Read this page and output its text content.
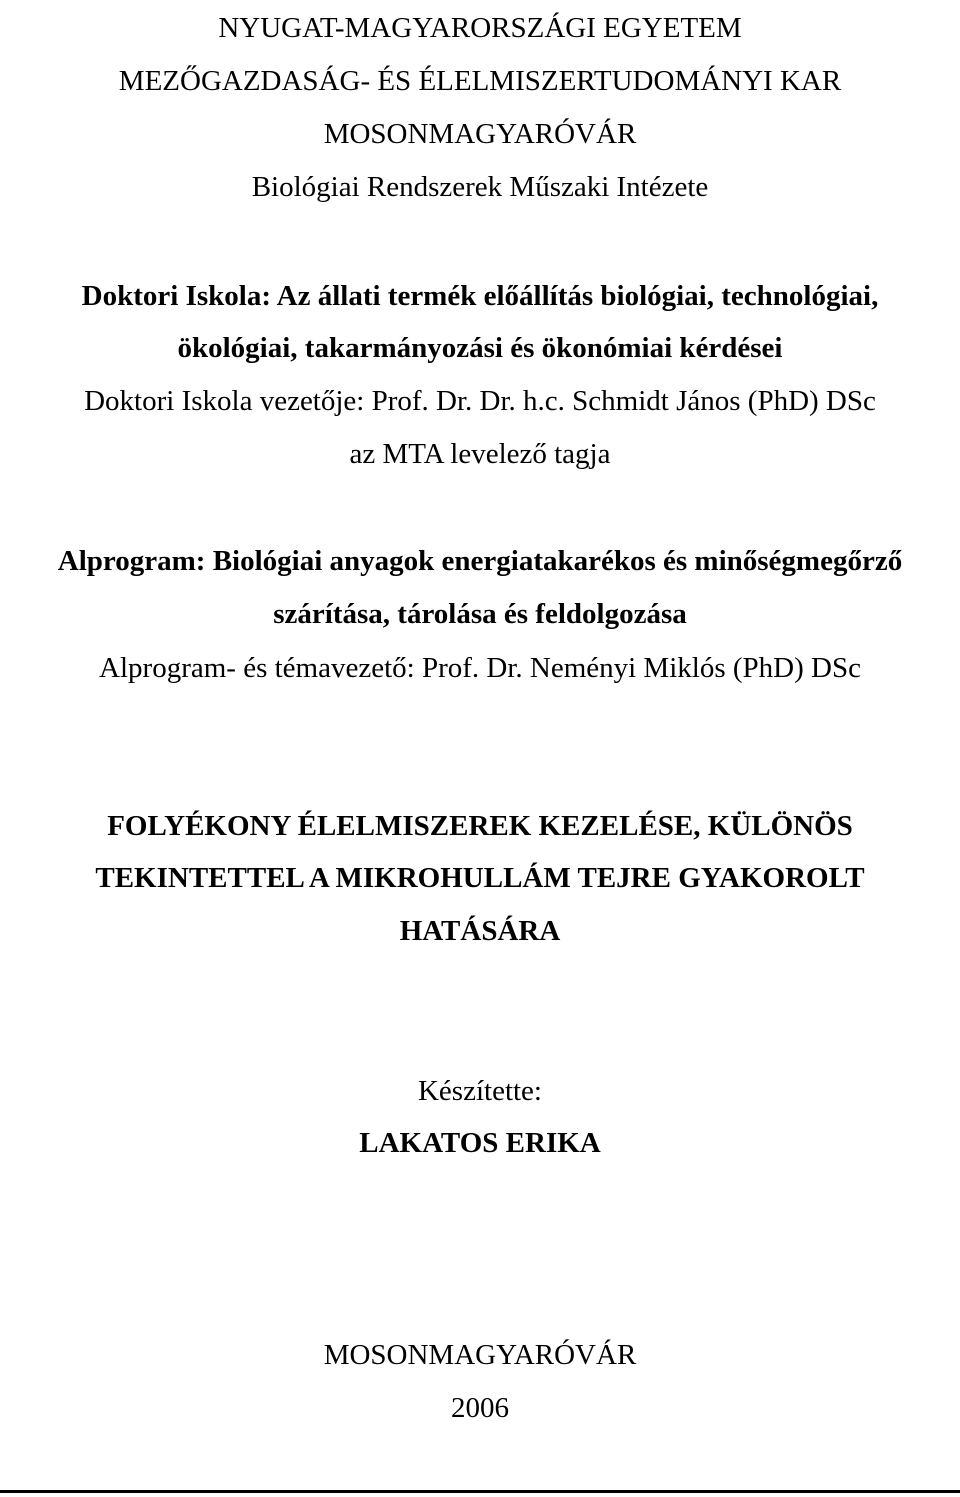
NYUGAT-MAGYARORSZÁGI EGYETEM
MEZŐGAZDASÁG- ÉS ÉLELMISZERTUDOMÁNYI KAR
MOSONMAGYARÓVÁR
Biológiai Rendszerek Műszaki Intézete
Doktori Iskola: Az állati termék előállítás biológiai, technológiai,
ökológiai, takarmányozási és ökonómiai kérdései
Doktori Iskola vezetője: Prof. Dr. Dr. h.c. Schmidt János (PhD) DSc
az MTA levelező tagja
Alprogram: Biológiai anyagok energiatakarékos és minőségmegőrző
szárítása, tárolása és feldolgozása
Alprogram- és témavezető: Prof. Dr. Neményi Miklós (PhD) DSc
FOLYÉKONY ÉLELMISZEREK KEZELÉSE, KÜLÖNÖS
TEKINTETTEL A MIKROHULLÁM TEJRE GYAKOROLT
HATÁSÁRA
Készítette:
LAKATOS ERIKA
MOSONMAGYARÓVÁR
2006
